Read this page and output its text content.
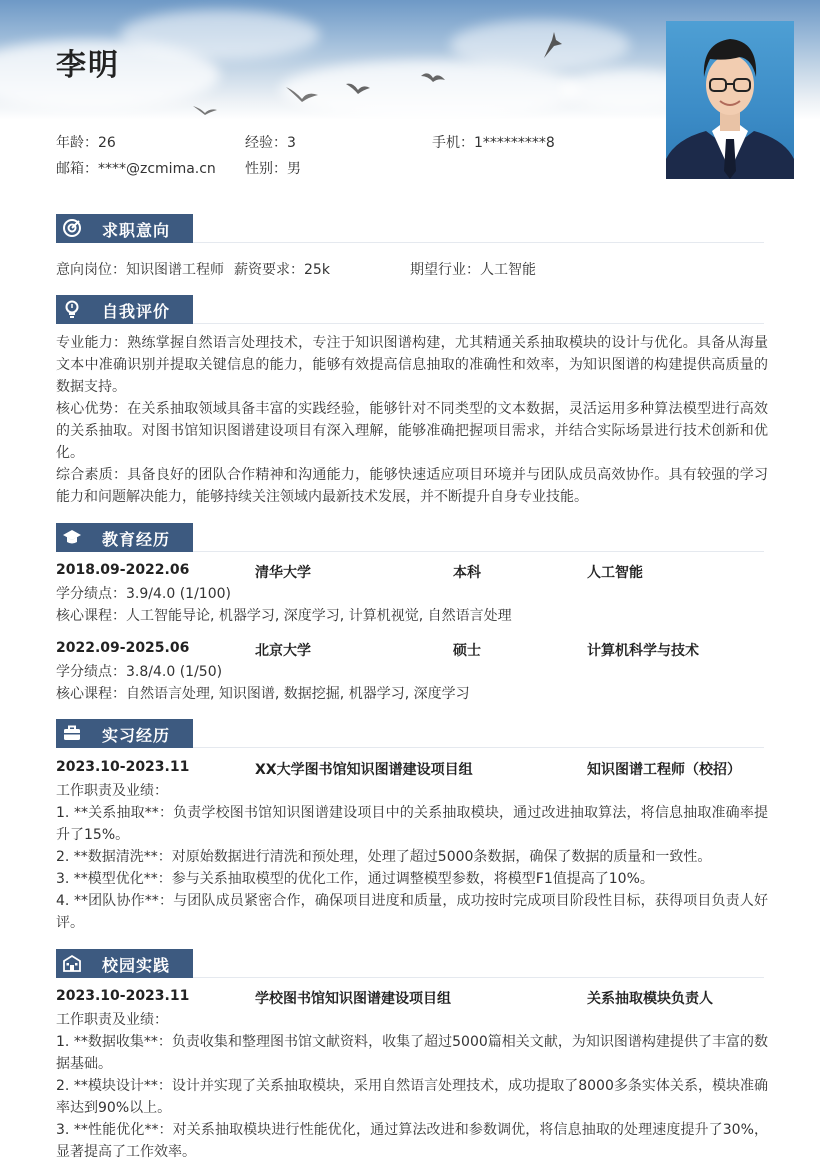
李明
年龄：26	经验：3	手机：1*********8
邮箱：****@zcmima.cn 性别：男
求职意向
意向岗位：知识图谱工程师 薪资要求：25k	期望行业：人工智能
自我评价
专业能力：熟练掌握自然语言处理技术，专注于知识图谱构建，尤其精通关系抽取模块的设计与优化。具备从海量文本中准确识别并提取关键信息的能力，能够有效提高信息抽取的准确性和效率，为知识图谱的构建提供高质量的数据支持。
核心优势：在关系抽取领域具备丰富的实践经验，能够针对不同类型的文本数据，灵活运用多种算法模型进行高效的关系抽取。对图书馆知识图谱建设项目有深入理解，能够准确把握项目需求，并结合实际场景进行技术创新和优化。
综合素质：具备良好的团队合作精神和沟通能力，能够快速适应项目环境并与团队成员高效协作。具有较强的学习能力和问题解决能力，能够持续关注领域内最新技术发展，并不断提升自身专业技能。
教育经历
2018.09-2022.06	清华大学	本科	人工智能
学分绩点：3.9/4.0 (1/100)
核心课程：人工智能导论, 机器学习, 深度学习, 计算机视觉, 自然语言处理
2022.09-2025.06	北京大学	硕士	计算机科学与技术
学分绩点：3.8/4.0 (1/50)
核心课程：自然语言处理, 知识图谱, 数据挖掘, 机器学习, 深度学习
实习经历
2023.10-2023.11	XX大学图书馆知识图谱建设项目组	知识图谱工程师（校招）
工作职责及业绩：
1. **关系抽取**：负责学校图书馆知识图谱建设项目中的关系抽取模块，通过改进抽取算法，将信息抽取准确率提升了15%。
2. **数据清洗**：对原始数据进行清洗和预处理，处理了超过5000条数据，确保了数据的质量和一致性。
3. **模型优化**：参与关系抽取模型的优化工作，通过调整模型参数，将模型F1值提高了10%。
4. **团队协作**：与团队成员紧密合作，确保项目进度和质量，成功按时完成项目阶段性目标，获得项目负责人好评。
校园实践
2023.10-2023.11	学校图书馆知识图谱建设项目组	关系抽取模块负责人
工作职责及业绩：
1. **数据收集**：负责收集和整理图书馆文献资料，收集了超过5000篇相关文献，为知识图谱构建提供了丰富的数据基础。
2. **模块设计**：设计并实现了关系抽取模块，采用自然语言处理技术，成功提取了8000多条实体关系，模块准确率达到90%以上。
3. **性能优化**：对关系抽取模块进行性能优化，通过算法改进和参数调优，将信息抽取的处理速度提升了30%，显著提高了工作效率。
